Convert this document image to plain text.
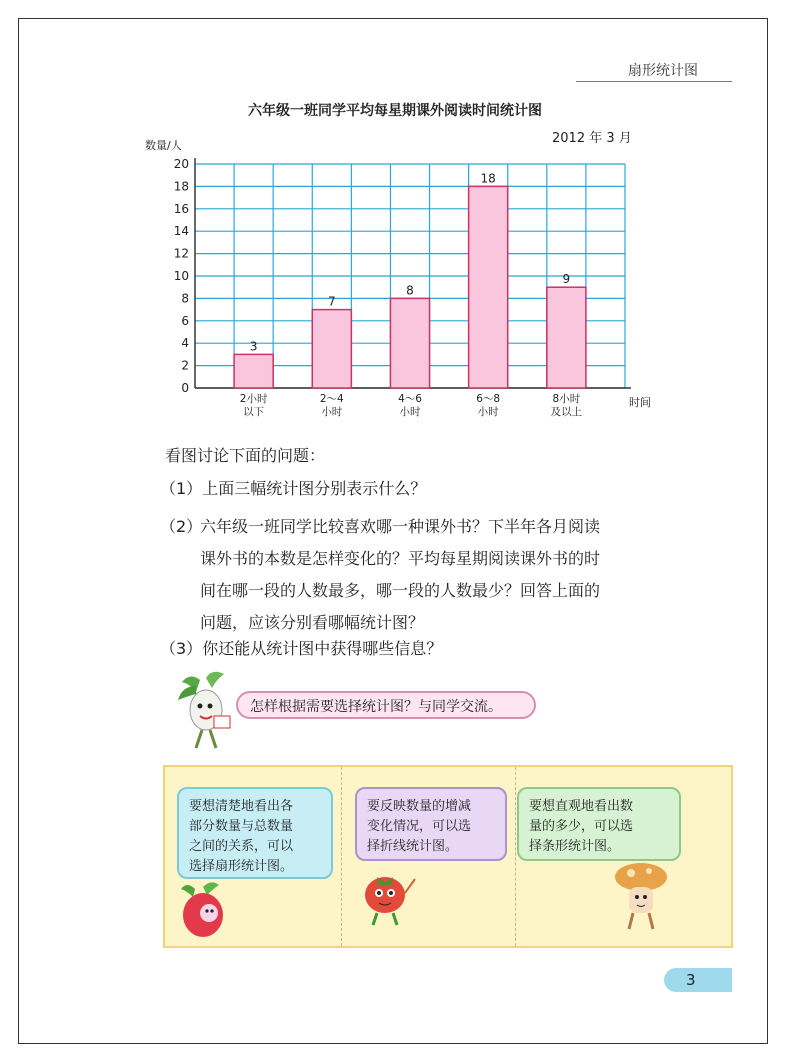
扇形统计图
六年级一班同学平均每星期课外阅读时间统计图
2012 年 3 月
0
2
4
6
8
10
12
14
16
18
20
数量/人
时间
3
2小时
以下
7
2～4
小时
8
4～6
小时
18
6～8
小时
9
8小时
及以上
看图讨论下面的问题：
（1）上面三幅统计图分别表示什么？
（2）
六年级一班同学比较喜欢哪一种课外书？下半年各月阅读
课外书的本数是怎样变化的？平均每星期阅读课外书的时
间在哪一段的人数最多，哪一段的人数最少？回答上面的
问题，应该分别看哪幅统计图？
（3）你还能从统计图中获得哪些信息？
怎样根据需要选择统计图？与同学交流。
要想清楚地看出各
部分数量与总数量
之间的关系，可以
选择扇形统计图。
要反映数量的增减
变化情况，可以选
择折线统计图。
要想直观地看出数
量的多少，可以选
择条形统计图。
3
